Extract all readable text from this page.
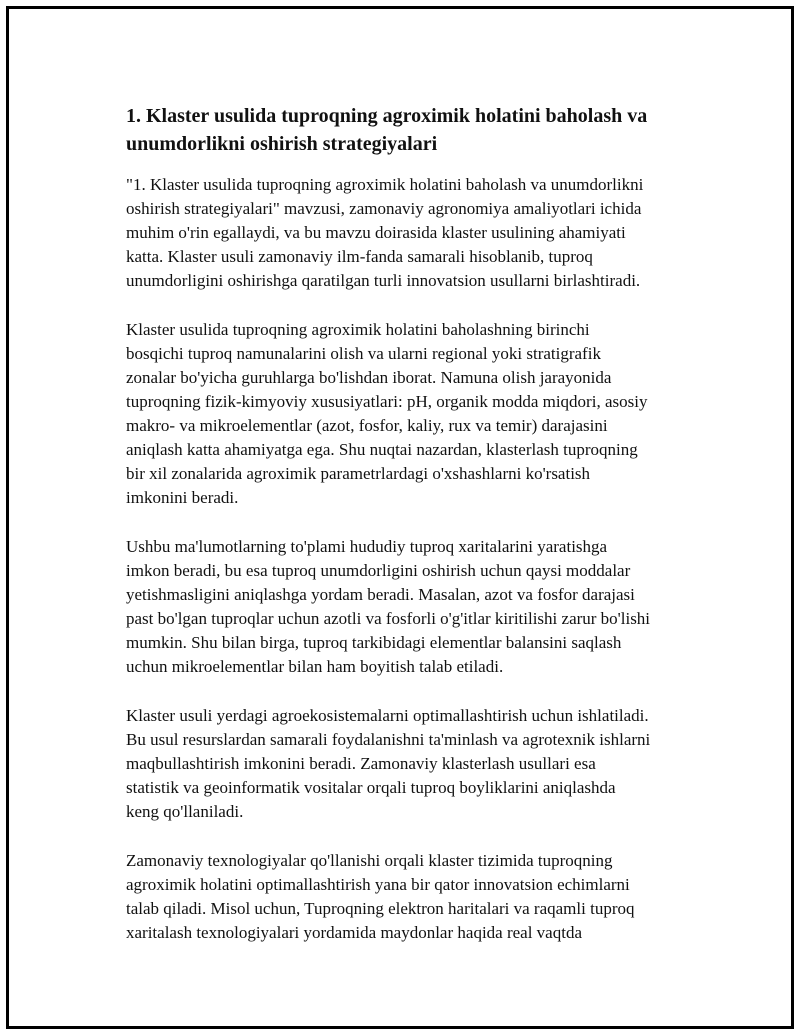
1. Klaster usulida tuproqning agroximik holatini baholash va
unumdorlikni oshirish strategiyalari

"1. Klaster usulida tuproqning agroximik holatini baholash va unumdorlikni
oshirish strategiyalari" mavzusi, zamonaviy agronomiya amaliyotlari ichida
muhim o'rin egallaydi, va bu mavzu doirasida klaster usulining ahamiyati
katta. Klaster usuli zamonaviy ilm-fanda samarali hisoblanib, tuproq
unumdorligini oshirishga qaratilgan turli innovatsion usullarni birlashtiradi.

Klaster usulida tuproqning agroximik holatini baholashning birinchi
bosqichi tuproq namunalarini olish va ularni regional yoki stratigrafik
zonalar bo'yicha guruhlarga bo'lishdan iborat. Namuna olish jarayonida
tuproqning fizik-kimyoviy xususiyatlari: pH, organik modda miqdori, asosiy
makro- va mikroelementlar (azot, fosfor, kaliy, rux va temir) darajasini
aniqlash katta ahamiyatga ega. Shu nuqtai nazardan, klasterlash tuproqning
bir xil zonalarida agroximik parametrlardagi o'xshashlarni ko'rsatish
imkonini beradi.

Ushbu ma'lumotlarning to'plami hududiy tuproq xaritalarini yaratishga
imkon beradi, bu esa tuproq unumdorligini oshirish uchun qaysi moddalar
yetishmasligini aniqlashga yordam beradi. Masalan, azot va fosfor darajasi
past bo'lgan tuproqlar uchun azotli va fosforli o'g'itlar kiritilishi zarur bo'lishi
mumkin. Shu bilan birga, tuproq tarkibidagi elementlar balansini saqlash
uchun mikroelementlar bilan ham boyitish talab etiladi.

Klaster usuli yerdagi agroekosistemalarni optimallashtirish uchun ishlatiladi.
Bu usul resurslardan samarali foydalanishni ta'minlash va agrotexnik ishlarni
maqbullashtirish imkonini beradi. Zamonaviy klasterlash usullari esa
statistik va geoinformatik vositalar orqali tuproq boyliklarini aniqlashda
keng qo'llaniladi.

Zamonaviy texnologiyalar qo'llanishi orqali klaster tizimida tuproqning
agroximik holatini optimallashtirish yana bir qator innovatsion echimlarni
talab qiladi. Misol uchun, Tuproqning elektron haritalari va raqamli tuproq
xaritalash texnologiyalari yordamida maydonlar haqida real vaqtda
